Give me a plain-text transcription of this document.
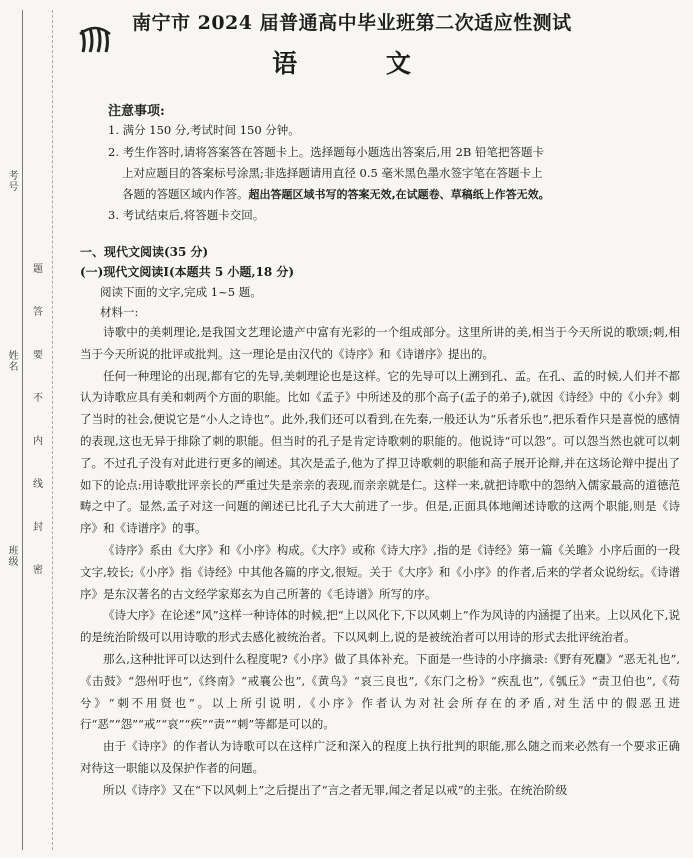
考号
姓名
班级
题
答
要
不
内
线
封
密
南宁市 2024 届普通高中毕业班第二次适应性测试
语 文
注意事项:
1. 满分 150 分,考试时间 150 分钟。
2. 考生作答时,请将答案答在答题卡上。选择题每小题选出答案后,用 2B 铅笔把答题卡
上对应题目的答案标号涂黑;非选择题请用直径 0.5 毫米黑色墨水签字笔在答题卡上
各题的答题区域内作答。超出答题区域书写的答案无效,在试题卷、草稿纸上作答无效。
3. 考试结束后,将答题卡交回。
一、现代文阅读(35 分)
(一)现代文阅读Ⅰ(本题共 5 小题,18 分)
阅读下面的文字,完成 1~5 题。
材料一:

诗歌中的美刺理论,是我国文艺理论遗产中富有光彩的一个组成部分。这里所讲的美,相当于今天所说的歌颂;刺,相当于今天所说的批评或批判。这一理论是由汉代的《诗序》和《诗谱序》提出的。

任何一种理论的出现,都有它的先导,美刺理论也是这样。它的先导可以上溯到孔、孟。在孔、孟的时候,人们并不都认为诗歌应具有美和刺两个方面的职能。比如《孟子》中所述及的那个高子(孟子的弟子),就因《诗经》中的《小弁》刺了当时的社会,便说它是“小人之诗也”。此外,我们还可以看到,在先秦,一般还认为“乐者乐也”,把乐看作只是喜悦的感情的表现,这也无异于排除了刺的职能。但当时的孔子是肯定诗歌刺的职能的。他说诗“可以怨”。可以怨当然也就可以刺了。不过孔子没有对此进行更多的阐述。其次是孟子,他为了捍卫诗歌刺的职能和高子展开论辩,并在这场论辩中提出了如下的论点:用诗歌批评亲长的严重过失是亲亲的表现,而亲亲就是仁。这样一来,就把诗歌中的怨纳入儒家最高的道德范畴之中了。显然,孟子对这一问题的阐述已比孔子大大前进了一步。但是,正面具体地阐述诗歌的这两个职能,则是《诗序》和《诗谱序》的事。

《诗序》系由《大序》和《小序》构成。《大序》或称《诗大序》,指的是《诗经》第一篇《关雎》小序后面的一段文字,较长;《小序》指《诗经》中其他各篇的序文,很短。关于《大序》和《小序》的作者,后来的学者众说纷纭。《诗谱序》是东汉著名的古文经学家郑玄为自己所著的《毛诗谱》所写的序。

《诗大序》在论述“风”这样一种诗体的时候,把“上以风化下,下以风刺上”作为风诗的内涵提了出来。上以风化下,说的是统治阶级可以用诗歌的形式去感化被统治者。下以风刺上,说的是被统治者可以用诗的形式去批评统治者。

那么,这种批评可以达到什么程度呢?《小序》做了具体补充。下面是一些诗的小序摘录:《野有死麕》“恶无礼也”,《击鼓》“怨州吁也”,《终南》“戒襄公也”,《黄鸟》“哀三良也”,《东门之枌》“疾乱也”,《瓠丘》“责卫伯也”,《苟兮》“刺不用贤也”。以上所引说明,《小序》作者认为对社会所存在的矛盾,对生活中的假恶丑进行“恶”“怨”“戒”“哀”“疾”“责”“刺”等都是可以的。

由于《诗序》的作者认为诗歌可以在这样广泛和深入的程度上执行批判的职能,那么随之而来必然有一个要求正确对待这一职能以及保护作者的问题。

所以《诗序》又在“下以风刺上”之后提出了“言之者无罪,闻之者足以戒”的主张。在统治阶级
